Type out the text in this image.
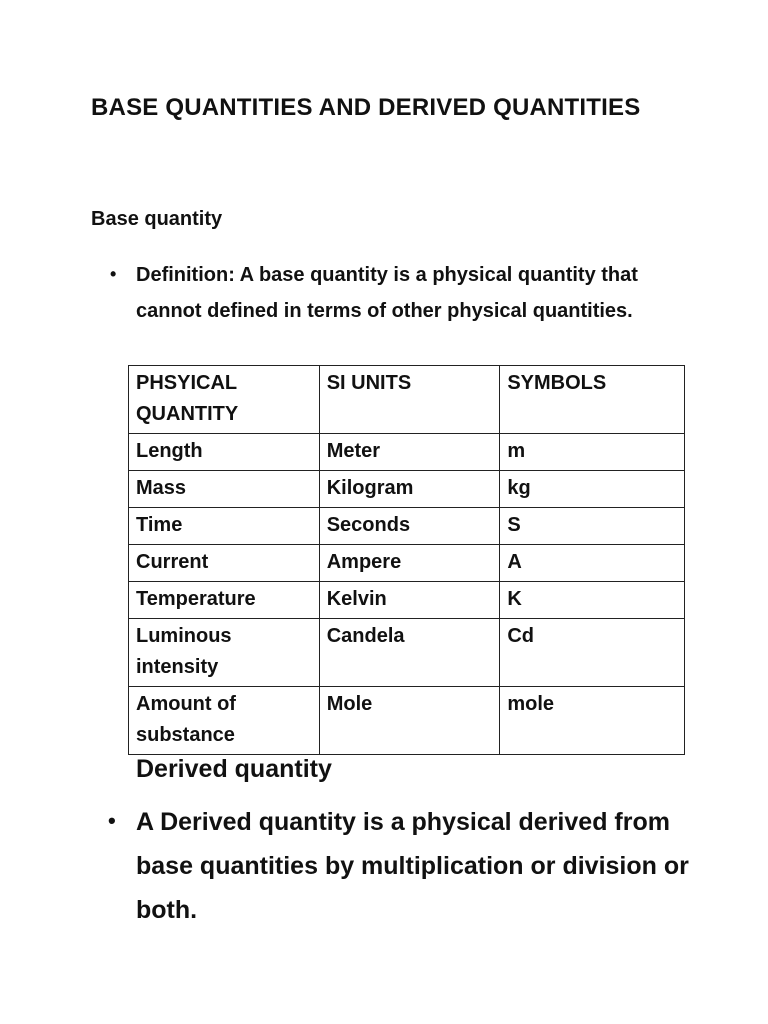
BASE QUANTITIES AND DERIVED QUANTITIES
Base quantity
• Definition: A base quantity is a physical quantity that cannot defined in terms of other physical quantities.
PHSYICAL QUANTITY	SI UNITS	SYMBOLS
Length	Meter	m
Mass	Kilogram	kg
Time	Seconds	S
Current	Ampere	A
Temperature	Kelvin	K
Luminous intensity	Candela	Cd
Amount of substance	Mole	mole
Derived quantity
• A Derived quantity is a physical derived from base quantities by multiplication or division or both.
